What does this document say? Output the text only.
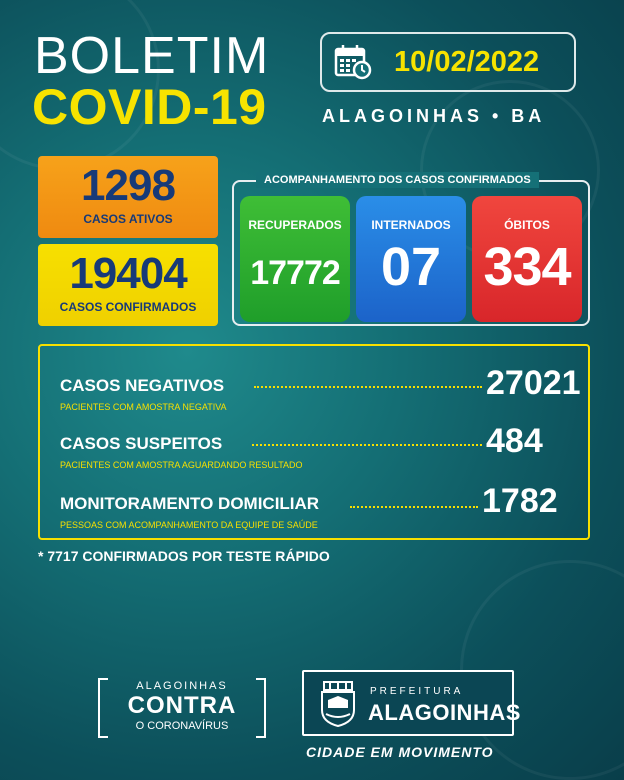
BOLETIM
COVID-19
10/02/2022
ALAGOINHAS • BA
1298
CASOS ATIVOS
19404
CASOS CONFIRMADOS
ACOMPANHAMENTO DOS CASOS CONFIRMADOS
RECUPERADOS
17772
INTERNADOS
07
ÓBITOS
334
CASOS NEGATIVOS	27021
PACIENTES COM AMOSTRA NEGATIVA
CASOS SUSPEITOS	484
PACIENTES COM AMOSTRA AGUARDANDO RESULTADO
MONITORAMENTO DOMICILIAR	1782
PESSOAS COM ACOMPANHAMENTO DA EQUIPE DE SAÚDE
* 7717 CONFIRMADOS POR TESTE RÁPIDO
ALAGOINHAS
CONTRA
O CORONAVÍRUS
PREFEITURA
ALAGOINHAS
CIDADE EM MOVIMENTO
